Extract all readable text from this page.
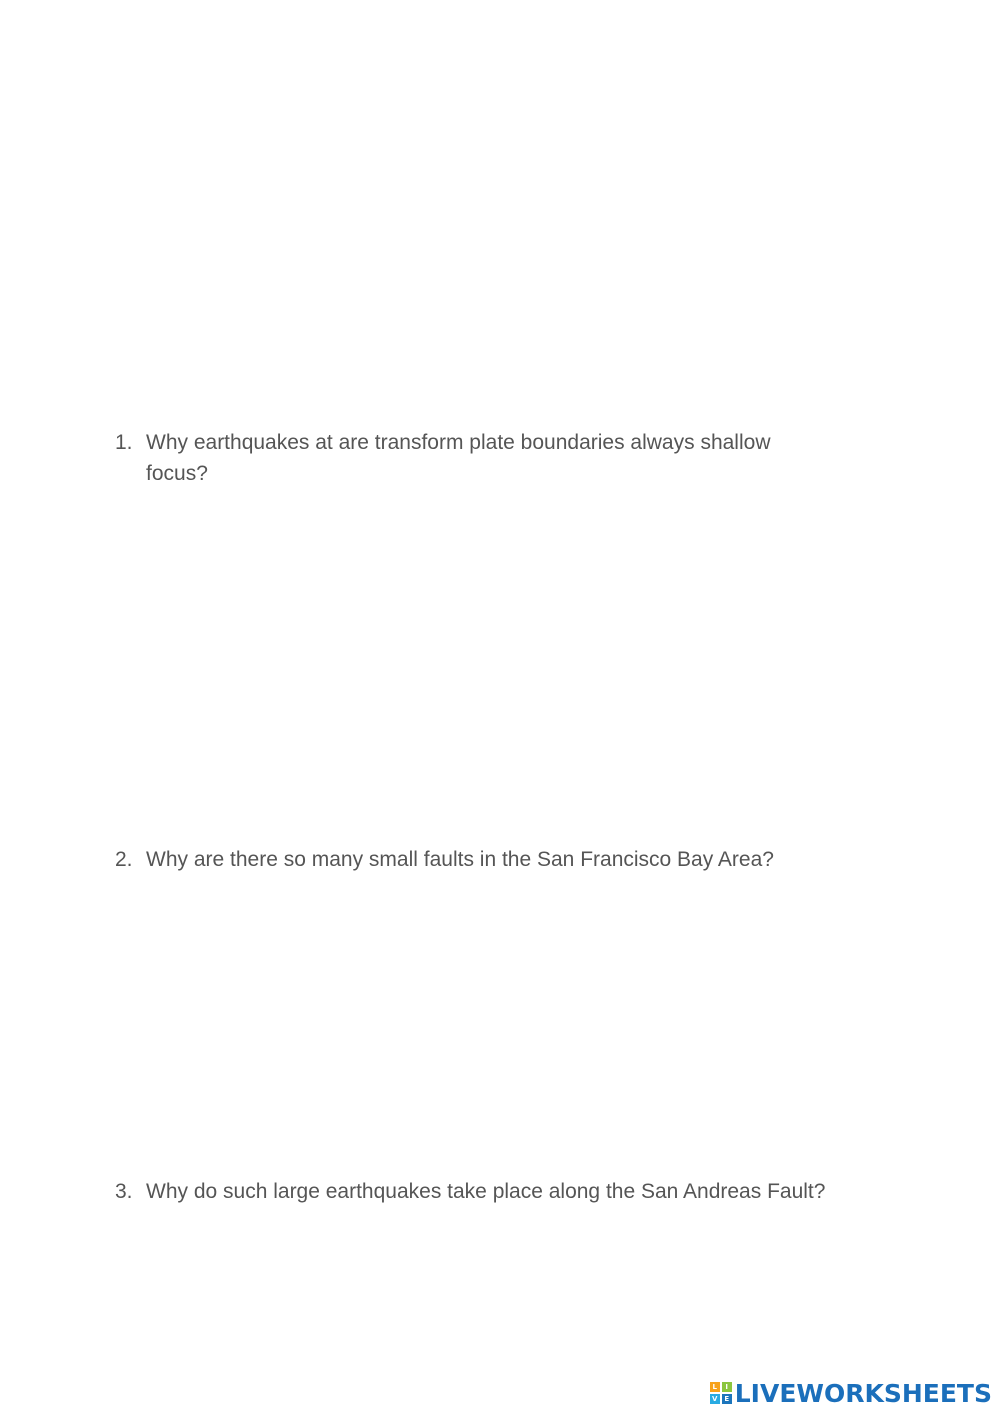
1. Why earthquakes at are transform plate boundaries always shallow focus?
2. Why are there so many small faults in the San Francisco Bay Area?
3. Why do such large earthquakes take place along the San Andreas Fault?
L	I
V E LIVEWORKSHEETS
